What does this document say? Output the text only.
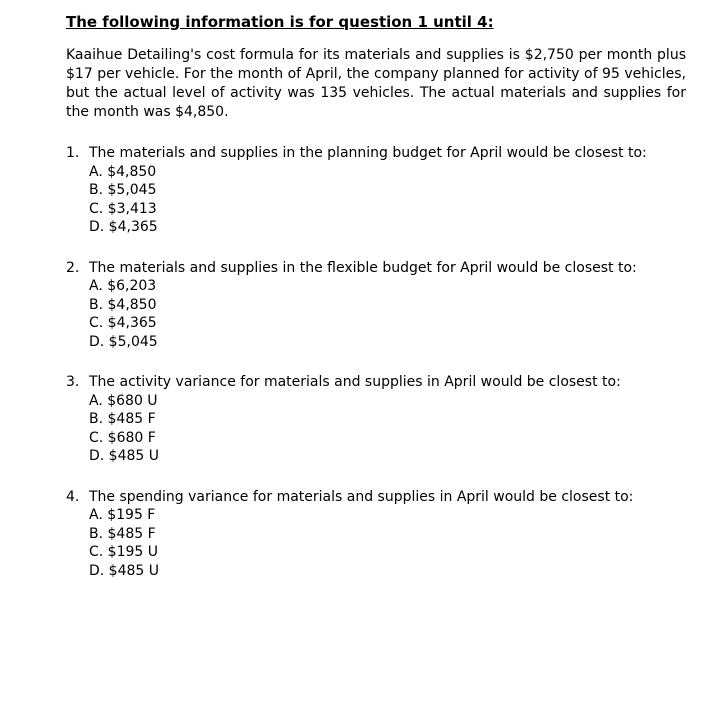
The following information is for question 1 until 4:

Kaaihue Detailing's cost formula for its materials and supplies is $2,750 per month plus $17 per vehicle. For the month of April, the company planned for activity of 95 vehicles, but the actual level of activity was 135 vehicles. The actual materials and supplies for the month was $4,850.

1. The materials and supplies in the planning budget for April would be closest to:
A. $4,850
B. $5,045
C. $3,413
D. $4,365
2. The materials and supplies in the flexible budget for April would be closest to:
A. $6,203
B. $4,850
C. $4,365
D. $5,045
3. The activity variance for materials and supplies in April would be closest to:
A. $680 U
B. $485 F
C. $680 F
D. $485 U
4. The spending variance for materials and supplies in April would be closest to:
A. $195 F
B. $485 F
C. $195 U
D. $485 U
